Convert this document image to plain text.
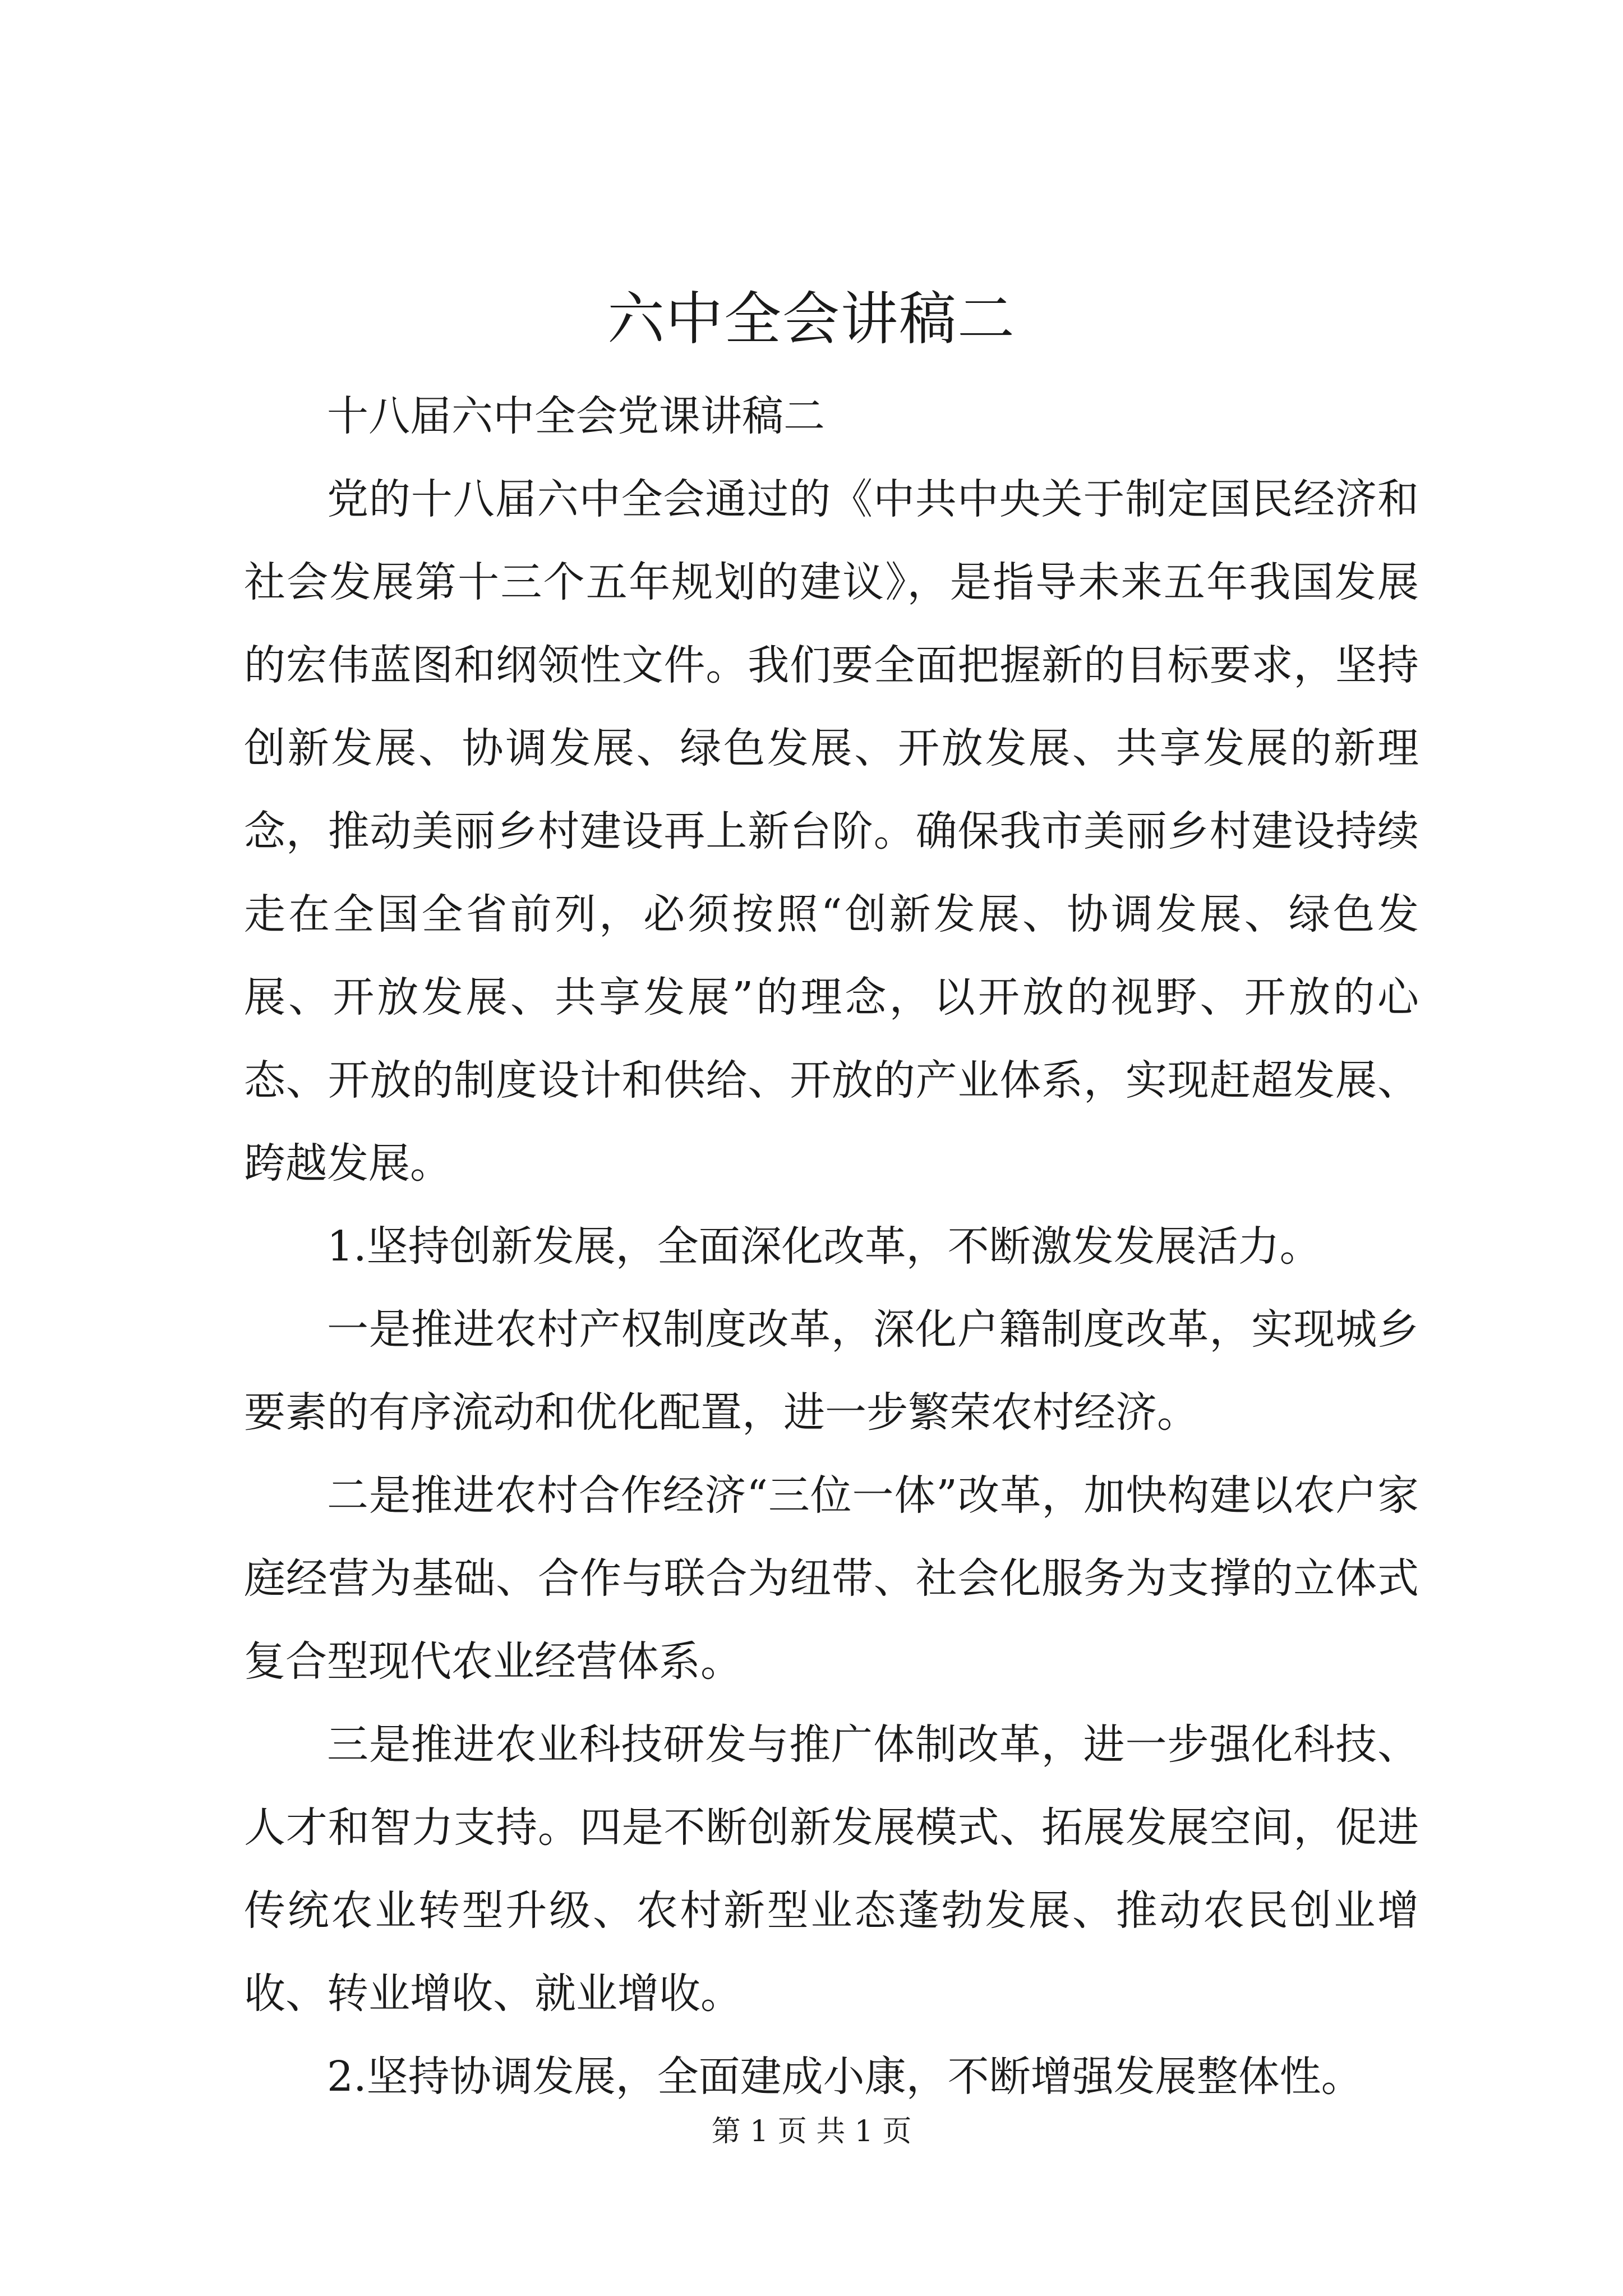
六中全会讲稿二

十八届六中全会党课讲稿二

党的十八届六中全会通过的《中共中央关于制定国民经济和社会发展第十三个五年规划的建议》，是指导未来五年我国发展的宏伟蓝图和纲领性文件。我们要全面把握新的目标要求，坚持创新发展、协调发展、绿色发展、开放发展、共享发展的新理念，推动美丽乡村建设再上新台阶。确保我市美丽乡村建设持续走在全国全省前列，必须按照“创新发展、协调发展、绿色发展、开放发展、共享发展”的理念，以开放的视野、开放的心态、开放的制度设计和供给、开放的产业体系，实现赶超发展、跨越发展。

1.坚持创新发展，全面深化改革，不断激发发展活力。

一是推进农村产权制度改革，深化户籍制度改革，实现城乡要素的有序流动和优化配置，进一步繁荣农村经济。

二是推进农村合作经济“三位一体”改革，加快构建以农户家庭经营为基础、合作与联合为纽带、社会化服务为支撑的立体式复合型现代农业经营体系。

三是推进农业科技研发与推广体制改革，进一步强化科技、人才和智力支持。四是不断创新发展模式、拓展发展空间，促进传统农业转型升级、农村新型业态蓬勃发展、推动农民创业增收、转业增收、就业增收。

2.坚持协调发展，全面建成小康，不断增强发展整体性。

第 1 页 共 1 页
